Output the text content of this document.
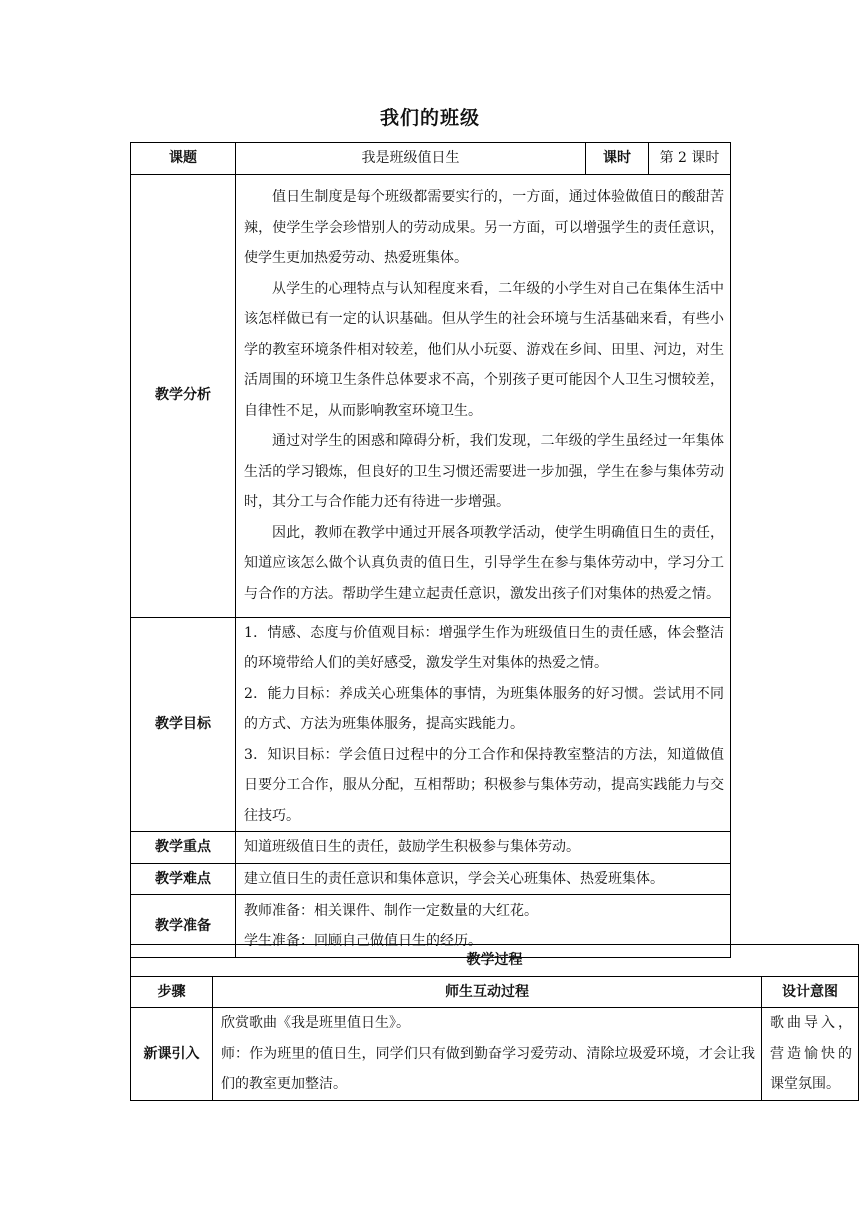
我们的班级
课题	我是班级值日生	课时	第 2 课时
教学分析	值日生制度是每个班级都需要实行的，一方面，通过体验做值日的酸甜苦辣，使学生学会珍惜别人的劳动成果。另一方面，可以增强学生的责任意识，使学生更加热爱劳动、热爱班集体。

从学生的心理特点与认知程度来看，二年级的小学生对自己在集体生活中该怎样做已有一定的认识基础。但从学生的社会环境与生活基础来看，有些小学的教室环境条件相对较差，他们从小玩耍、游戏在乡间、田里、河边，对生活周围的环境卫生条件总体要求不高，个别孩子更可能因个人卫生习惯较差，自律性不足，从而影响教室环境卫生。

通过对学生的困惑和障碍分析，我们发现，二年级的学生虽经过一年集体生活的学习锻炼，但良好的卫生习惯还需要进一步加强，学生在参与集体劳动时，其分工与合作能力还有待进一步增强。

因此，教师在教学中通过开展各项教学活动，使学生明确值日生的责任，知道应该怎么做个认真负责的值日生，引导学生在参与集体劳动中，学习分工与合作的方法。帮助学生建立起责任意识，激发出孩子们对集体的热爱之情。		

教学目标	1．情感、态度与价值观目标：增强学生作为班级值日生的责任感，体会整洁的环境带给人们的美好感受，激发学生对集体的热爱之情。

2．能力目标：养成关心班集体的事情，为班集体服务的好习惯。尝试用不同的方式、方法为班集体服务，提高实践能力。

3．知识目标：学会值日过程中的分工合作和保持教室整洁的方法，知道做值日要分工合作，服从分配，互相帮助；积极参与集体劳动，提高实践能力与交往技巧。		

教学重点	知道班级值日生的责任，鼓励学生积极参与集体劳动。		
教学难点	建立值日生的责任意识和集体意识，学会关心班集体、热爱班集体。		
教学准备	教师准备：相关课件、制作一定数量的大红花。

学生准备：回顾自己做值日生的经历。		

教学过程		
步骤	师生互动过程	设计意图
新课引入	欣赏歌曲《我是班里值日生》。

师：作为班里的值日生，同学们只有做到勤奋学习爱劳动、清除垃圾爱环境，才会让我们的教室更加整洁。	歌曲导入，营造愉快的课堂氛围。
